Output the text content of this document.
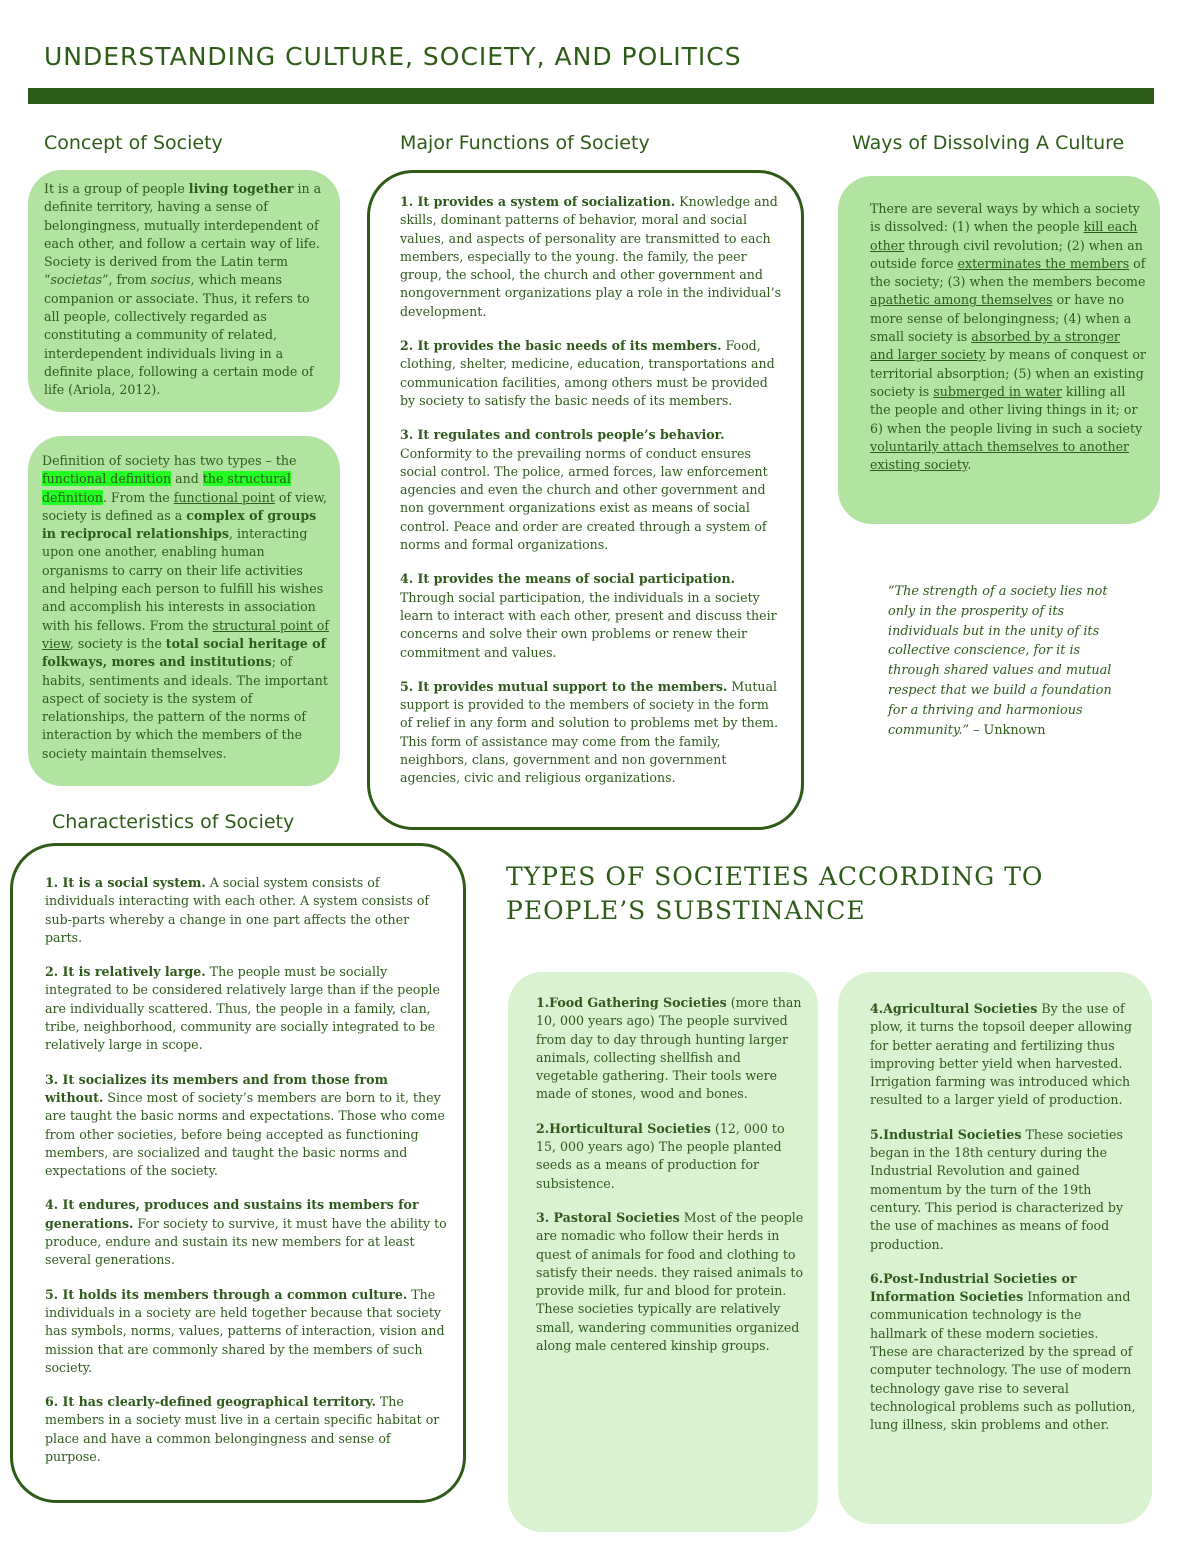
UNDERSTANDING CULTURE, SOCIETY, AND POLITICS
Concept of Society
It is a group of people living together in a definite territory, having a sense of belongingness, mutually interdependent of each other, and follow a certain way of life. Society is derived from the Latin term “societas”, from socius, which means companion or associate. Thus, it refers to all people, collectively regarded as constituting a community of related, interdependent individuals living in a definite place, following a certain mode of life (Ariola, 2012).
Definition of society has two types – the functional definition and the structural definition. From the functional point of view, society is defined as a complex of groups in reciprocal relationships, interacting upon one another, enabling human organisms to carry on their life activities and helping each person to fulfill his wishes and accomplish his interests in association with his fellows. From the structural point of view, society is the total social heritage of folkways, mores and institutions; of habits, sentiments and ideals. The important aspect of society is the system of relationships, the pattern of the norms of interaction by which the members of the society maintain themselves.
Major Functions of Society

1. It provides a system of socialization. Knowledge and skills, dominant patterns of behavior, moral and social values, and aspects of personality are transmitted to each members, especially to the young. the family, the peer group, the school, the church and other government and nongovernment organizations play a role in the individual’s development.

2. It provides the basic needs of its members. Food, clothing, shelter, medicine, education, transportations and communication facilities, among others must be provided by society to satisfy the basic needs of its members.

3. It regulates and controls people’s behavior. Conformity to the prevailing norms of conduct ensures social control. The police, armed forces, law enforcement agencies and even the church and other government and non government organizations exist as means of social control. Peace and order are created through a system of norms and formal organizations.

4. It provides the means of social participation. Through social participation, the individuals in a society learn to interact with each other, present and discuss their concerns and solve their own problems or renew their commitment and values.

5. It provides mutual support to the members. Mutual support is provided to the members of society in the form of relief in any form and solution to problems met by them. This form of assistance may come from the family, neighbors, clans, government and non government agencies, civic and religious organizations.

Ways of Dissolving A Culture
There are several ways by which a society is dissolved: (1) when the people kill each other through civil revolution; (2) when an outside force exterminates the members of the society; (3) when the members become apathetic among themselves or have no more sense of belongingness; (4) when a small society is absorbed by a stronger and larger society by means of conquest or territorial absorption; (5) when an existing society is submerged in water killing all the people and other living things in it; or 6) when the people living in such a society voluntarily attach themselves to another existing society.
“The strength of a society lies not only in the prosperity of its individuals but in the unity of its collective conscience, for it is through shared values and mutual respect that we build a foundation for a thriving and harmonious community.” – Unknown
Characteristics of Society

1. It is a social system. A social system consists of individuals interacting with each other. A system consists of sub-parts whereby a change in one part affects the other parts.

2. It is relatively large. The people must be socially integrated to be considered relatively large than if the people are individually scattered. Thus, the people in a family, clan, tribe, neighborhood, community are socially integrated to be relatively large in scope.

3. It socializes its members and from those from without. Since most of society’s members are born to it, they are taught the basic norms and expectations. Those who come from other societies, before being accepted as functioning members, are socialized and taught the basic norms and expectations of the society.

4. It endures, produces and sustains its members for generations. For society to survive, it must have the ability to produce, endure and sustain its new members for at least several generations.

5. It holds its members through a common culture. The individuals in a society are held together because that society has symbols, norms, values, patterns of interaction, vision and mission that are commonly shared by the members of such society.

6. It has clearly-defined geographical territory. The members in a society must live in a certain specific habitat or place and have a common belongingness and sense of purpose.

TYPES OF SOCIETIES ACCORDING TO PEOPLE’S SUBSTINANCE

1.Food Gathering Societies (more than 10, 000 years ago) The people survived from day to day through hunting larger animals, collecting shellfish and vegetable gathering. Their tools were made of stones, wood and bones.

2.Horticultural Societies (12, 000 to 15, 000 years ago) The people planted seeds as a means of production for subsistence.

3. Pastoral Societies Most of the people are nomadic who follow their herds in quest of animals for food and clothing to satisfy their needs. they raised animals to provide milk, fur and blood for protein. These societies typically are relatively small, wandering communities organized along male centered kinship groups.

4.Agricultural Societies By the use of plow, it turns the topsoil deeper allowing for better aerating and fertilizing thus improving better yield when harvested. Irrigation farming was introduced which resulted to a larger yield of production.

5.Industrial Societies These societies began in the 18th century during the Industrial Revolution and gained momentum by the turn of the 19th century. This period is characterized by the use of machines as means of food production.

6.Post-Industrial Societies or Information Societies Information and communication technology is the hallmark of these modern societies. These are characterized by the spread of computer technology. The use of modern technology gave rise to several technological problems such as pollution, lung illness, skin problems and other.
